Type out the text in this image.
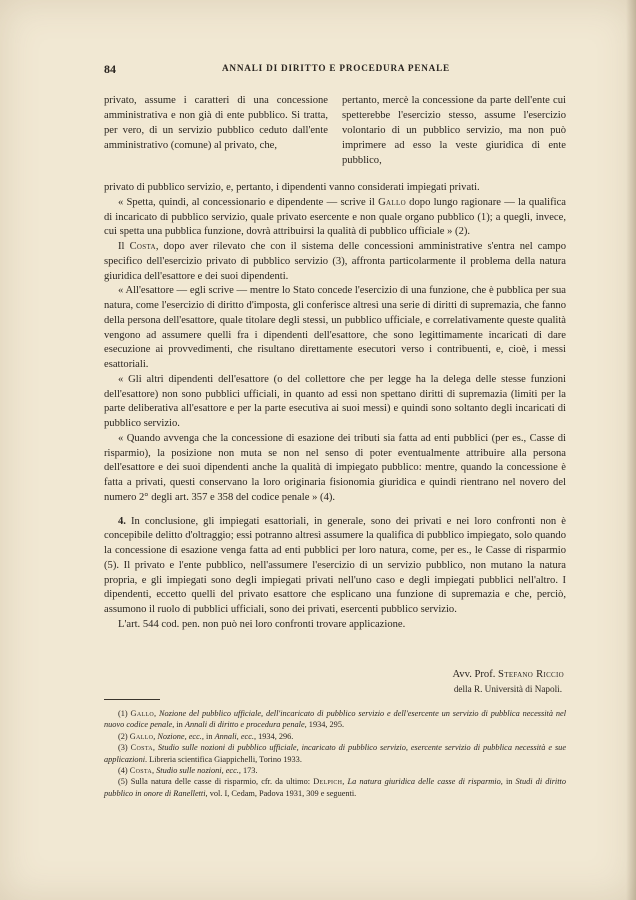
84	ANNALI DI DIRITTO E PROCEDURA PENALE
privato, assume i caratteri di una concessione amministrativa e non già di ente pubblico. Si tratta, per vero, di un servizio pubblico ceduto dall'ente amministrativo (comune) al privato, che,
pertanto, mercè la concessione da parte dell'ente cui spetterebbe l'esercizio stesso, assume l'esercizio volontario di un pubblico servizio, ma non può imprimere ad esso la veste giuridica di ente pubblico,

privato di pubblico servizio, e, pertanto, i dipendenti vanno considerati impiegati privati.

« Spetta, quindi, al concessionario e dipendente — scrive il Gallo dopo lungo ragionare — la qualifica di incaricato di pubblico servizio, quale privato esercente e non quale organo pubblico (1); a quegli, invece, cui spetta una pubblica funzione, dovrà attribuirsi la qualità di pubblico ufficiale » (2).

Il Costa, dopo aver rilevato che con il sistema delle concessioni amministrative s'entra nel campo specifico dell'esercizio privato di pubblico servizio (3), affronta particolarmente il problema della natura giuridica dell'esattore e dei suoi dipendenti.

« All'esattore — egli scrive — mentre lo Stato concede l'esercizio di una funzione, che è pubblica per sua natura, come l'esercizio di diritto d'imposta, gli conferisce altresì una serie di diritti di supremazia, che fanno della persona dell'esattore, quale titolare degli stessi, un pubblico ufficiale, e correlativamente queste qualità vengono ad assumere quelli fra i dipendenti dell'esattore, che sono legittimamente incaricati di dare esecuzione ai provvedimenti, che risultano direttamente esecutori verso i contribuenti, e, cioè, i messi esattoriali.

« Gli altri dipendenti dell'esattore (o del collettore che per legge ha la delega delle stesse funzioni dell'esattore) non sono pubblici ufficiali, in quanto ad essi non spettano diritti di supremazia (limiti per la parte deliberativa all'esattore e per la parte esecutiva ai suoi messi) e quindi sono soltanto degli incaricati di pubblico servizio.

« Quando avvenga che la concessione di esazione dei tributi sia fatta ad enti pubblici (per es., Casse di risparmio), la posizione non muta se non nel senso di poter eventualmente attribuire alla persona dell'esattore e dei suoi dipendenti anche la qualità di impiegato pubblico: mentre, quando la concessione è fatta a privati, questi conservano la loro originaria fisionomia giuridica e quindi rientrano nel novero del numero 2° degli art. 357 e 358 del codice penale » (4).

4. In conclusione, gli impiegati esattoriali, in generale, sono dei privati e nei loro confronti non è concepibile delitto d'oltraggio; essi potranno altresì assumere la qualifica di pubblico impiegato, solo quando la concessione di esazione venga fatta ad enti pubblici per loro natura, come, per es., le Casse di risparmio (5). Il privato e l'ente pubblico, nell'assumere l'esercizio di un servizio pubblico, non mutano la natura propria, e gli impiegati sono degli impiegati privati nell'uno caso e degli impiegati pubblici nell'altro. I dipendenti, eccetto quelli del privato esattore che esplicano una funzione di supremazia e che, perciò, assumono il ruolo di pubblici ufficiali, sono dei privati, esercenti pubblico servizio.

L'art. 544 cod. pen. non può nei loro confronti trovare applicazione.

Avv. Prof. Stefano Riccio
della R. Università di Napoli.

(1) Gallo, Nozione del pubblico ufficiale, dell'incaricato di pubblico servizio e dell'esercente un servizio di pubblica necessità nel nuovo codice penale, in Annali di diritto e procedura penale, 1934, 295.

(2) Gallo, Nozione, ecc., in Annali, ecc., 1934, 296.

(3) Costa, Studio sulle nozioni di pubblico ufficiale, incaricato di pubblico servizio, esercente servizio di pubblica necessità e sue applicazioni. Libreria scientifica Giappichelli, Torino 1933.

(4) Costa, Studio sulle nozioni, ecc., 173.

(5) Sulla natura delle casse di risparmio, cfr. da ultimo: Delpich, La natura giuridica delle casse di risparmio, in Studi di diritto pubblico in onore di Ranelletti, vol. I, Cedam, Padova 1931, 309 e seguenti.
